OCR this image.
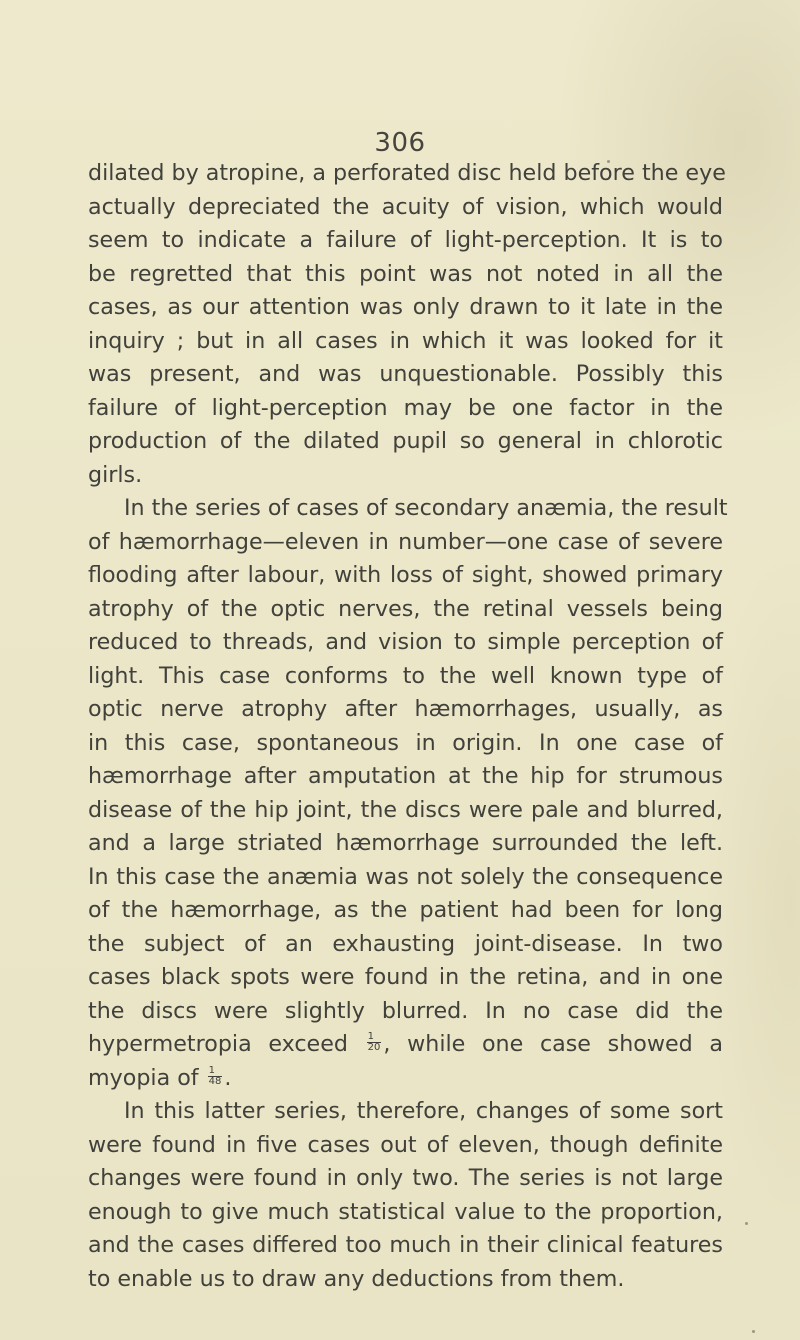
306
dilated by atropine, a perforated disc held before the eye
actually depreciated the acuity of vision, which would
seem to indicate a failure of light-perception. It is to
be regretted that this point was not noted in all the
cases, as our attention was only drawn to it late in the
inquiry ; but in all cases in which it was looked for it
was present, and was unquestionable. Possibly this
failure of light-perception may be one factor in the
production of the dilated pupil so general in chlorotic
girls.
In the series of cases of secondary anæmia, the result
of hæmorrhage—eleven in number—one case of severe
flooding after labour, with loss of sight, showed primary
atrophy of the optic nerves, the retinal vessels being
reduced to threads, and vision to simple perception of
light. This case conforms to the well known type of
optic nerve atrophy after hæmorrhages, usually, as
in this case, spontaneous in origin. In one case of
hæmorrhage after amputation at the hip for strumous
disease of the hip joint, the discs were pale and blurred,
and a large striated hæmorrhage surrounded the left.
In this case the anæmia was not solely the consequence
of the hæmorrhage, as the patient had been for long
the subject of an exhausting joint-disease. In two
cases black spots were found in the retina, and in one
the discs were slightly blurred. In no case did the
hypermetropia exceed $\frac{1}{20}$ , while one case showed a
myopia of $\frac{1}{48}$ .
In this latter series, therefore, changes of some sort
were found in five cases out of eleven, though definite
changes were found in only two. The series is not large
enough to give much statistical value to the proportion,
and the cases differed too much in their clinical features
to enable us to draw any deductions from them.
